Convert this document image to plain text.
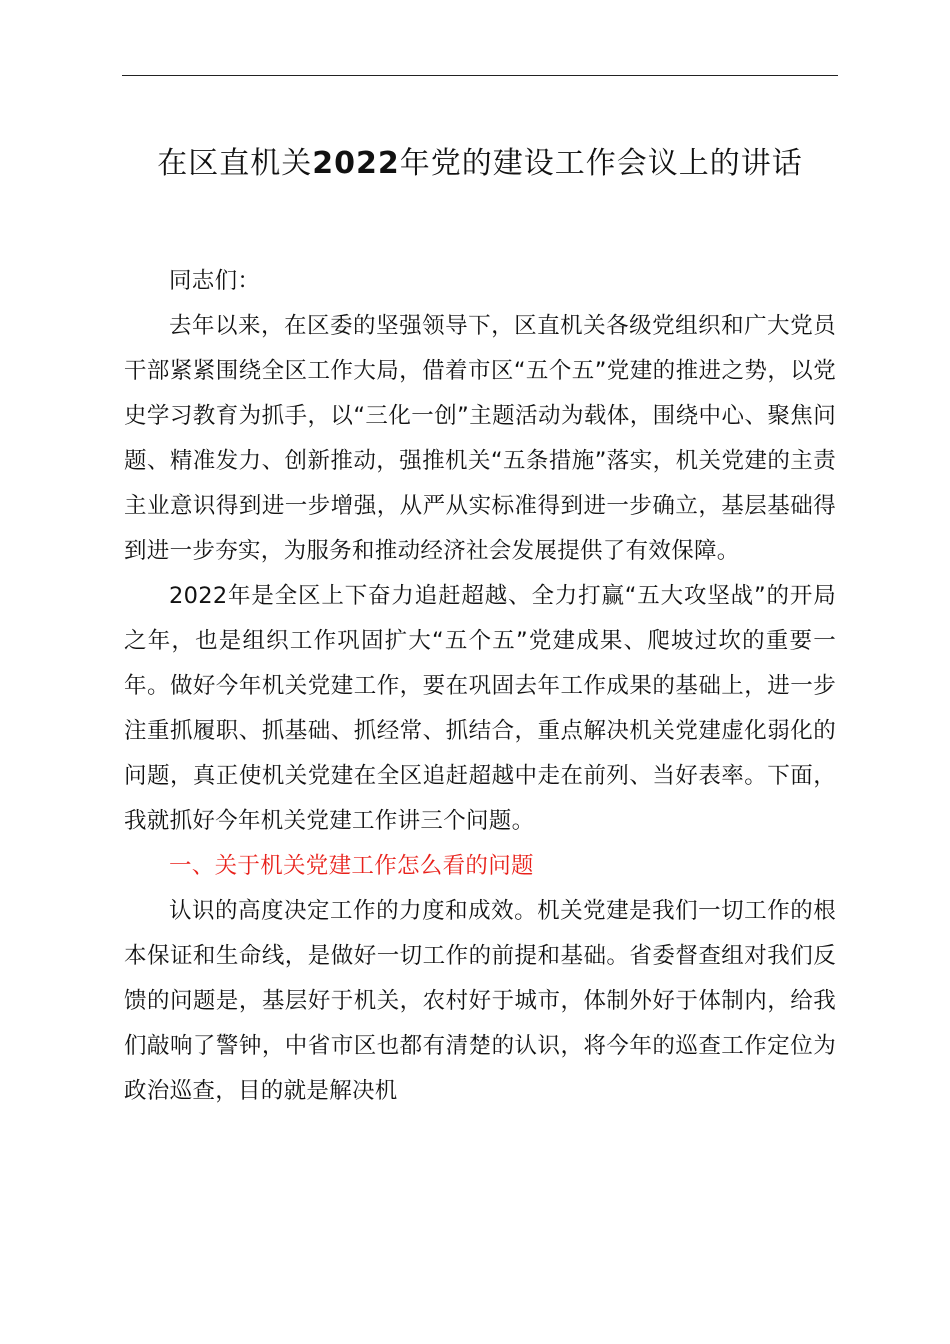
在区直机关2022年党的建设工作会议上的讲话

同志们：

去年以来，在区委的坚强领导下，区直机关各级党组织和广大党员干部紧紧围绕全区工作大局，借着市区“五个五”党建的推进之势，以党史学习教育为抓手，以“三化一创”主题活动为载体，围绕中心、聚焦问题、精准发力、创新推动，强推机关“五条措施”落实，机关党建的主责主业意识得到进一步增强，从严从实标准得到进一步确立，基层基础得到进一步夯实，为服务和推动经济社会发展提供了有效保障。

2022年是全区上下奋力追赶超越、全力打赢“五大攻坚战”的开局之年，也是组织工作巩固扩大“五个五”党建成果、爬坡过坎的重要一年。做好今年机关党建工作，要在巩固去年工作成果的基础上，进一步注重抓履职、抓基础、抓经常、抓结合，重点解决机关党建虚化弱化的问题，真正使机关党建在全区追赶超越中走在前列、当好表率。下面，我就抓好今年机关党建工作讲三个问题。

一、关于机关党建工作怎么看的问题

认识的高度决定工作的力度和成效。机关党建是我们一切工作的根本保证和生命线，是做好一切工作的前提和基础。省委督查组对我们反馈的问题是，基层好于机关，农村好于城市，体制外好于体制内，给我们敲响了警钟，中省市区也都有清楚的认识，将今年的巡查工作定位为政治巡查，目的就是解决机
